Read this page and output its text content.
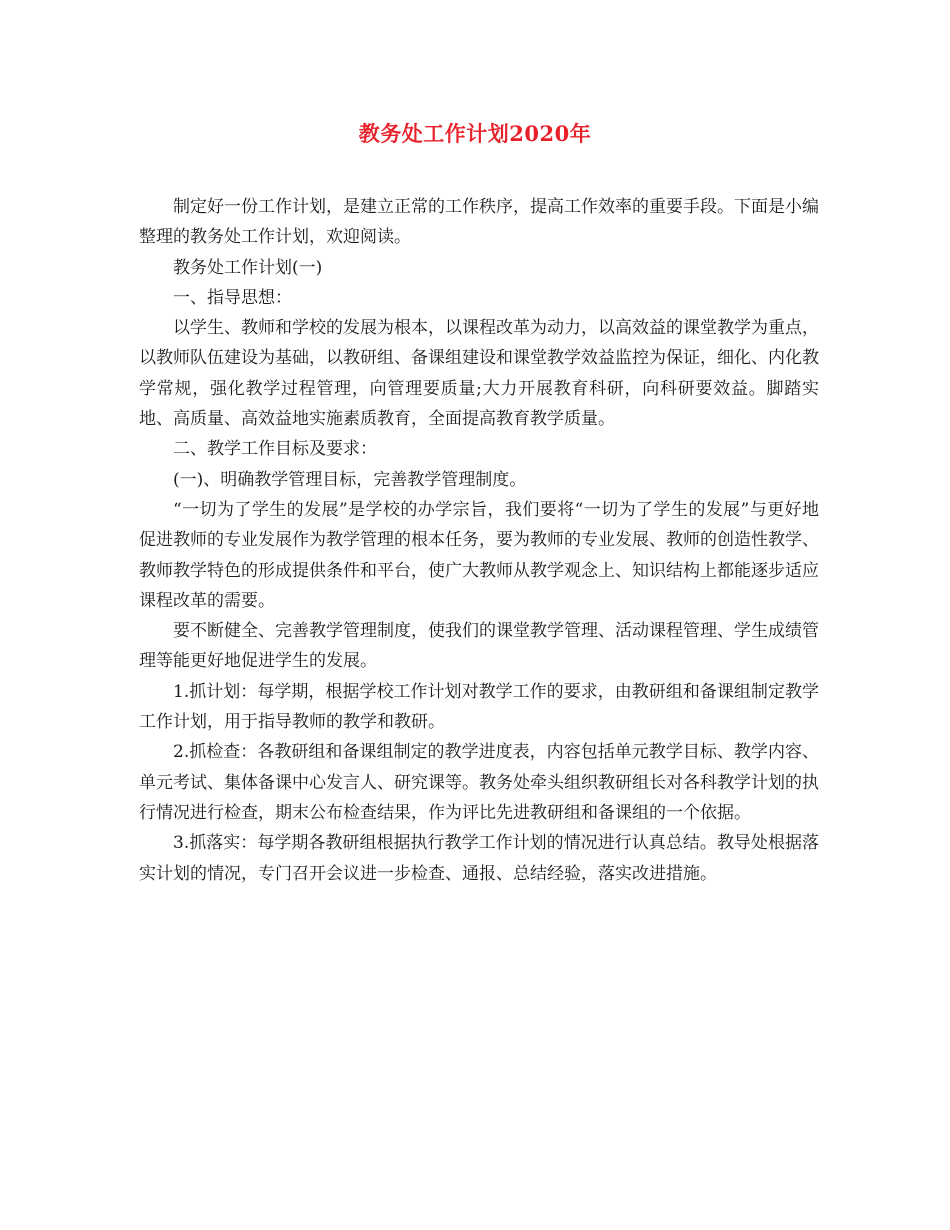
教务处工作计划2020年

制定好一份工作计划，是建立正常的工作秩序，提高工作效率的重要手段。下面是小编整理的教务处工作计划，欢迎阅读。

教务处工作计划(一)

一、指导思想：

以学生、教师和学校的发展为根本，以课程改革为动力，以高效益的课堂教学为重点，以教师队伍建设为基础，以教研组、备课组建设和课堂教学效益监控为保证，细化、内化教学常规，强化教学过程管理，向管理要质量;大力开展教育科研，向科研要效益。脚踏实地、高质量、高效益地实施素质教育，全面提高教育教学质量。

二、教学工作目标及要求：

(一)、明确教学管理目标，完善教学管理制度。

“一切为了学生的发展”是学校的办学宗旨，我们要将“一切为了学生的发展”与更好地促进教师的专业发展作为教学管理的根本任务，要为教师的专业发展、教师的创造性教学、教师教学特色的形成提供条件和平台，使广大教师从教学观念上、知识结构上都能逐步适应课程改革的需要。

要不断健全、完善教学管理制度，使我们的课堂教学管理、活动课程管理、学生成绩管理等能更好地促进学生的发展。

1.抓计划：每学期，根据学校工作计划对教学工作的要求，由教研组和备课组制定教学工作计划，用于指导教师的教学和教研。

2.抓检查：各教研组和备课组制定的教学进度表，内容包括单元教学目标、教学内容、单元考试、集体备课中心发言人、研究课等。教务处牵头组织教研组长对各科教学计划的执行情况进行检查，期末公布检查结果，作为评比先进教研组和备课组的一个依据。

3.抓落实：每学期各教研组根据执行教学工作计划的情况进行认真总结。教导处根据落实计划的情况，专门召开会议进一步检查、通报、总结经验，落实改进措施。
